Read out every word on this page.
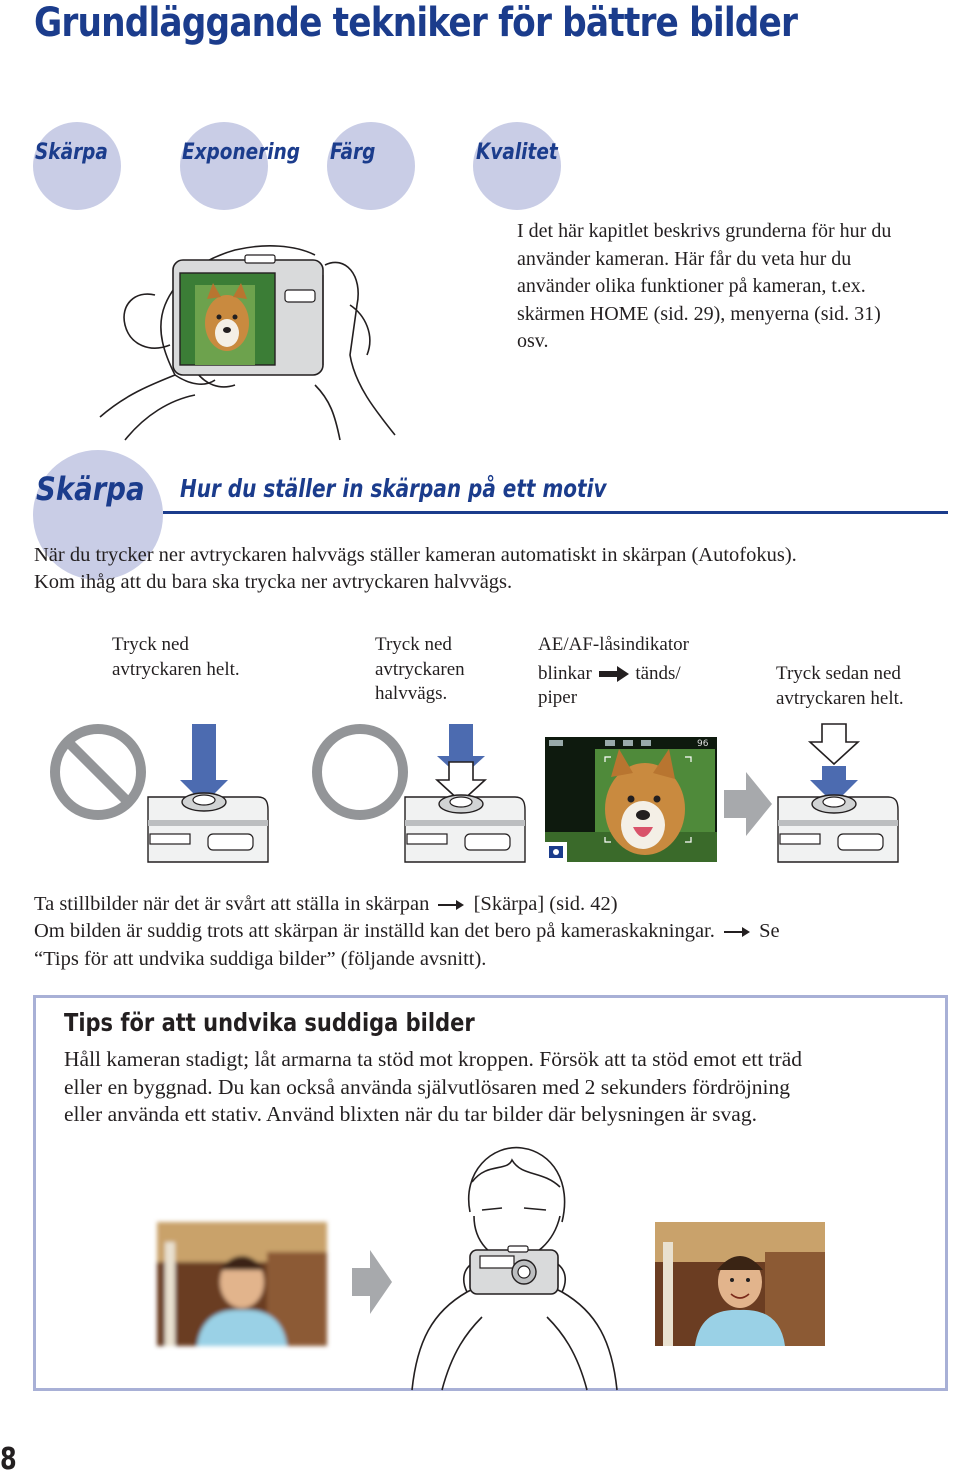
Grundläggande tekniker för bättre bilder
Skärpa	Exponering Färg	Kvalitet
I det här kapitlet beskrivs grunderna för hur du
använder kameran. Här får du veta hur du
använder olika funktioner på kameran, t.ex.
skärmen HOME (sid. 29), menyerna (sid. 31)
osv.
Skärpa Hur du ställer in skärpan på ett motiv
När du trycker ner avtryckaren halvvägs ställer kameran automatiskt in skärpan (Autofokus).
Kom ihåg att du bara ska trycka ner avtryckaren halvvägs.
Tryck ned
avtryckaren helt.
Tryck ned
avtryckaren
halvvägs.
AE/AF-låsindikator
blinkar tänds/
piper
Tryck sedan ned
avtryckaren helt.
96
Ta stillbilder när det är svårt att ställa in skärpan [Skärpa] (sid. 42)
Om bilden är suddig trots att skärpan är inställd kan det bero på kameraskakningar. Se
“Tips för att undvika suddiga bilder” (följande avsnitt).
Tips för att undvika suddiga bilder
Håll kameran stadigt; låt armarna ta stöd mot kroppen. Försök att ta stöd emot ett träd
eller en byggnad. Du kan också använda självutlösaren med 2 sekunders fördröjning
eller använda ett stativ. Använd blixten när du tar bilder där belysningen är svag.
8
